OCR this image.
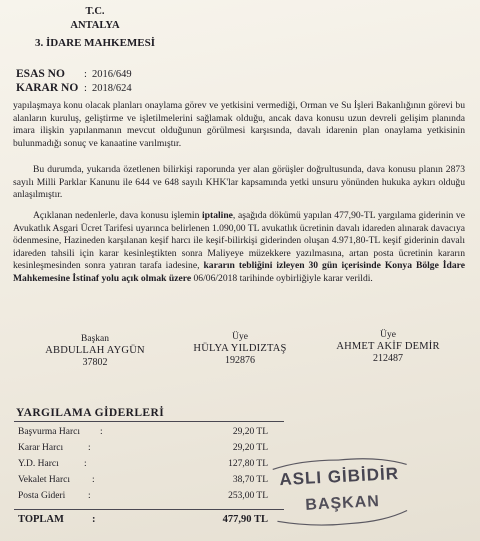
T.C.
ANTALYA
3. İDARE MAHKEMESİ
ESAS NO : 2016/649
KARAR NO : 2018/624
yapılaşmaya konu olacak planları onaylama görev ve yetkisini vermediği, Orman ve Su İşleri Bakanlığının görevi bu alanların kuruluş, geliştirme ve işletilmelerini sağlamak olduğu, ancak dava konusu uzun devreli gelişim planında imara ilişkin yapılanmanın mevcut olduğunun görülmesi karşısında, davalı idarenin plan onaylama yetkisinin bulunmadığı sonuç ve kanaatine varılmıştır.
Bu durumda, yukarıda özetlenen bilirkişi raporunda yer alan görüşler doğrultusunda, dava konusu planın 2873 sayılı Milli Parklar Kanunu ile 644 ve 648 sayılı KHK'lar kapsamında yetki unsuru yönünden hukuka aykırı olduğu anlaşılmıştır.
Açıklanan nedenlerle, dava konusu işlemin iptaline, aşağıda dökümü yapılan 477,90-TL yargılama giderinin ve Avukatlık Asgari Ücret Tarifesi uyarınca belirlenen 1.090,00 TL avukatlık ücretinin davalı idareden alınarak davacıya ödenmesine, Hazineden karşılanan keşif harcı ile keşif-bilirkişi giderinden oluşan 4.971,80-TL keşif giderinin davalı idareden tahsili için karar kesinleştikten sonra Maliyeye müzekkere yazılmasına, artan posta ücretinin kararın kesinleşmesinden sonra yatıran tarafa iadesine, kararın tebliğini izleyen 30 gün içerisinde Konya Bölge İdare Mahkemesine İstinaf yolu açık olmak üzere 06/06/2018 tarihinde oybirliğiyle karar verildi.
Başkan
ABDULLAH AYGÜN
37802
Üye
HÜLYA YILDIZTAŞ
192876
Üye
AHMET AKİF DEMİR
212487
YARGILAMA GİDERLERİ
Başvurma Harcı :	29,20 TL
Karar Harcı	:	29,20 TL
Y.D. Harcı	:	127,80 TL
Vekalet Harcı :	38,70 TL
Posta Gideri :	253,00 TL
TOPLAM	:	477,90 TL
ASLI GİBİDİR
BAŞKAN
